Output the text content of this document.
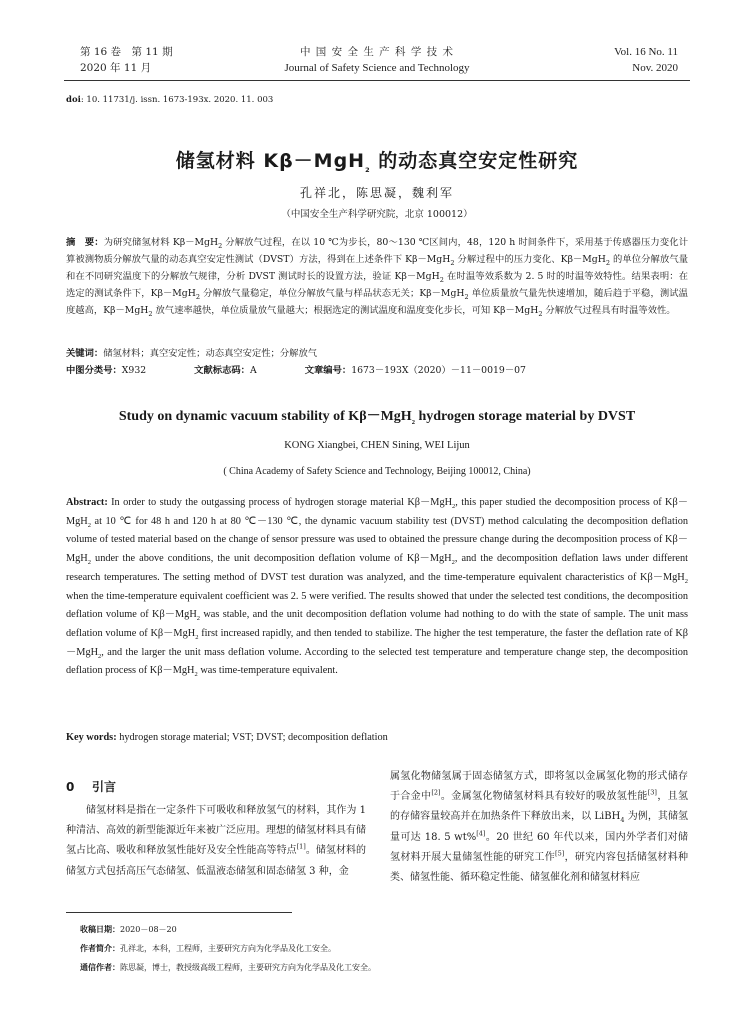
第 16 卷　第 11 期
2020 年 11 月
中 国 安 全 生 产 科 学 技 术
Journal of Safety Science and Technology
Vol. 16 No. 11
Nov. 2020
doi: 10. 11731/j. issn. 1673-193x. 2020. 11. 003
储氢材料 Kβ－MgH$_2$ 的动态真空安定性研究
孔祥北，陈思凝，魏利军
（中国安全生产科学研究院，北京 100012）
摘　要：为研究储氢材料 Kβ－MgH$_2$ 分解放气过程，在以 10 ℃为步长，80～130 ℃区间内，48，120 h 时间条件下，采用基于传感器压力变化计算被测物质分解放气量的动态真空安定性测试（DVST）方法，得到在上述条件下 Kβ－MgH$_2$ 分解过程中的压力变化、Kβ－MgH$_2$ 的单位分解放气量和在不同研究温度下的分解放气规律，分析 DVST 测试时长的设置方法，验证 Kβ－MgH$_2$ 在时温等效系数为 2. 5 时的时温等效特性。结果表明：在选定的测试条件下，Kβ－MgH$_2$ 分解放气量稳定，单位分解放气量与样品状态无关；Kβ－MgH$_2$ 单位质量放气量先快速增加，随后趋于平稳，测试温度越高，Kβ－MgH$_2$ 放气速率越快，单位质量放气量越大；根据选定的测试温度和温度变化步长，可知 Kβ－MgH$_2$ 分解放气过程具有时温等效性。
关键词：储氢材料；真空安定性；动态真空安定性；分解放气
中图分类号：X932	文献标志码：A	文章编号：1673－193X（2020）－11－0019－07
Study on dynamic vacuum stability of Kβ－MgH$_2$ hydrogen storage material by DVST
KONG Xiangbei, CHEN Sining, WEI Lijun
( China Academy of Safety Science and Technology, Beijing 100012, China)
Abstract: In order to study the outgassing process of hydrogen storage material Kβ－MgH$_2$, this paper studied the decomposition process of Kβ－MgH$_2$ at 10 ℃ for 48 h and 120 h at 80 ℃－130 ℃, the dynamic vacuum stability test (DVST) method calculating the decomposition deflation volume of tested material based on the change of sensor pressure was used to obtained the pressure change during the decomposition process of Kβ－MgH$_2$ under the above conditions, the unit decomposition deflation volume of Kβ－MgH$_2$, and the decomposition deflation laws under different research temperatures. The setting method of DVST test duration was analyzed, and the time-temperature equivalent characteristics of Kβ－MgH$_2$ when the time-temperature equivalent coefficient was 2. 5 were verified. The results showed that under the selected test conditions, the decomposition deflation volume of Kβ－MgH$_2$ was stable, and the unit decomposition deflation volume had nothing to do with the state of sample. The unit mass deflation volume of Kβ－MgH$_2$ first increased rapidly, and then tended to stabilize. The higher the test temperature, the faster the deflation rate of Kβ－MgH$_2$, and the larger the unit mass deflation volume. According to the selected test temperature and temperature change step, the decomposition deflation process of Kβ－MgH$_2$ was time-temperature equivalent.
Key words: hydrogen storage material; VST; DVST; decomposition deflation
0 引言
储氢材料是指在一定条件下可吸收和释放氢气的材料，其作为 1 种清洁、高效的新型能源近年来被广泛应用。理想的储氢材料具有储氢占比高、吸收和释放氢性能好及安全性能高等特点[1]。储氢材料的储氢方式包括高压气态储氢、低温液态储氢和固态储氢 3 种，金
属氢化物储氢属于固态储氢方式，即将氢以金属氢化物的形式储存于合金中[2]。金属氢化物储氢材料具有较好的吸放氢性能[3]，且氢的存储容量较高并在加热条件下释放出来，以 LiBH$_4$ 为例，其储氢量可达 18. 5 wt%[4]。20 世纪 60 年代以来，国内外学者们对储氢材料开展大量储氢性能的研究工作[5]，研究内容包括储氢材料种类、储氢性能、循环稳定性能、储氢催化剂和储氢材料应
收稿日期：2020－08－20
作者简介：孔祥北，本科，工程师，主要研究方向为化学品及化工安全。
通信作者：陈思凝，博士，教授级高级工程师，主要研究方向为化学品及化工安全。
